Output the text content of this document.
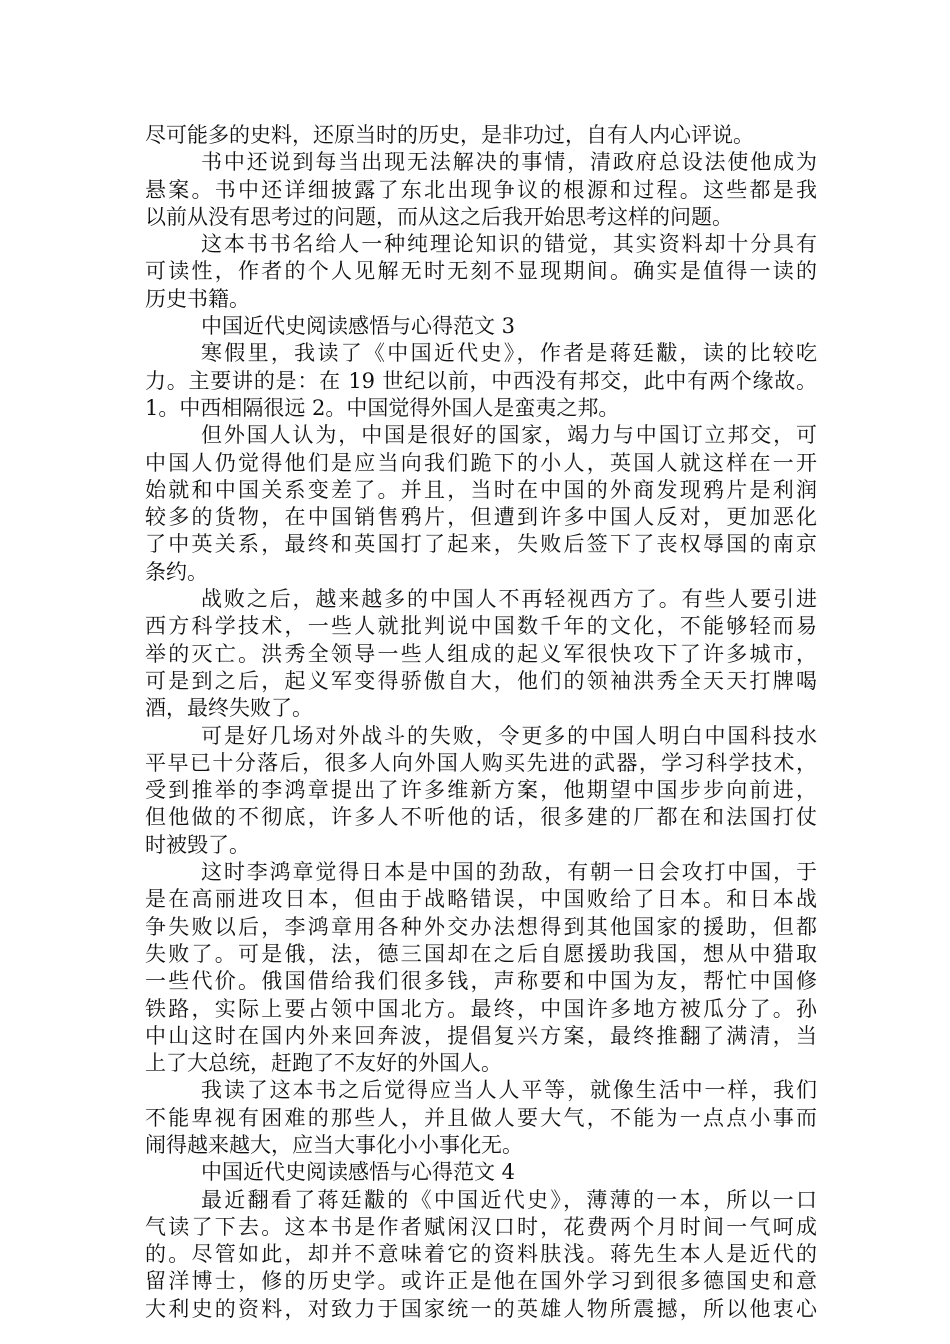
尽可能多的史料，还原当时的历史，是非功过，自有人内心评说。
书中还说到每当出现无法解决的事情，清政府总设法使他成为
悬案。书中还详细披露了东北出现争议的根源和过程。这些都是我
以前从没有思考过的问题，而从这之后我开始思考这样的问题。
这本书书名给人一种纯理论知识的错觉，其实资料却十分具有
可读性，作者的个人见解无时无刻不显现期间。确实是值得一读的
历史书籍。
中国近代史阅读感悟与心得范文 3
寒假里，我读了《中国近代史》，作者是蒋廷黻，读的比较吃
力。主要讲的是：在 19 世纪以前，中西没有邦交，此中有两个缘故。
1。中西相隔很远 2。中国觉得外国人是蛮夷之邦。
但外国人认为，中国是很好的国家，竭力与中国订立邦交，可
中国人仍觉得他们是应当向我们跪下的小人，英国人就这样在一开
始就和中国关系变差了。并且，当时在中国的外商发现鸦片是利润
较多的货物，在中国销售鸦片，但遭到许多中国人反对，更加恶化
了中英关系，最终和英国打了起来，失败后签下了丧权辱国的南京
条约。
战败之后，越来越多的中国人不再轻视西方了。有些人要引进
西方科学技术，一些人就批判说中国数千年的文化，不能够轻而易
举的灭亡。洪秀全领导一些人组成的起义军很快攻下了许多城市，
可是到之后，起义军变得骄傲自大，他们的领袖洪秀全天天打牌喝
酒，最终失败了。
可是好几场对外战斗的失败，令更多的中国人明白中国科技水
平早已十分落后，很多人向外国人购买先进的武器，学习科学技术，
受到推举的李鸿章提出了许多维新方案，他期望中国步步向前进，
但他做的不彻底，许多人不听他的话，很多建的厂都在和法国打仗
时被毁了。
这时李鸿章觉得日本是中国的劲敌，有朝一日会攻打中国，于
是在高丽进攻日本，但由于战略错误，中国败给了日本。和日本战
争失败以后，李鸿章用各种外交办法想得到其他国家的援助，但都
失败了。可是俄，法，德三国却在之后自愿援助我国，想从中猎取
一些代价。俄国借给我们很多钱，声称要和中国为友，帮忙中国修
铁路，实际上要占领中国北方。最终，中国许多地方被瓜分了。孙
中山这时在国内外来回奔波，提倡复兴方案，最终推翻了满清，当
上了大总统，赶跑了不友好的外国人。
我读了这本书之后觉得应当人人平等，就像生活中一样，我们
不能卑视有困难的那些人，并且做人要大气，不能为一点点小事而
闹得越来越大，应当大事化小小事化无。
中国近代史阅读感悟与心得范文 4
最近翻看了蒋廷黻的《中国近代史》，薄薄的一本，所以一口
气读了下去。这本书是作者赋闲汉口时，花费两个月时间一气呵成
的。尽管如此，却并不意味着它的资料肤浅。蒋先生本人是近代的
留洋博士，修的历史学。或许正是他在国外学习到很多德国史和意
大利史的资料，对致力于国家统一的英雄人物所震撼，所以他衷心
